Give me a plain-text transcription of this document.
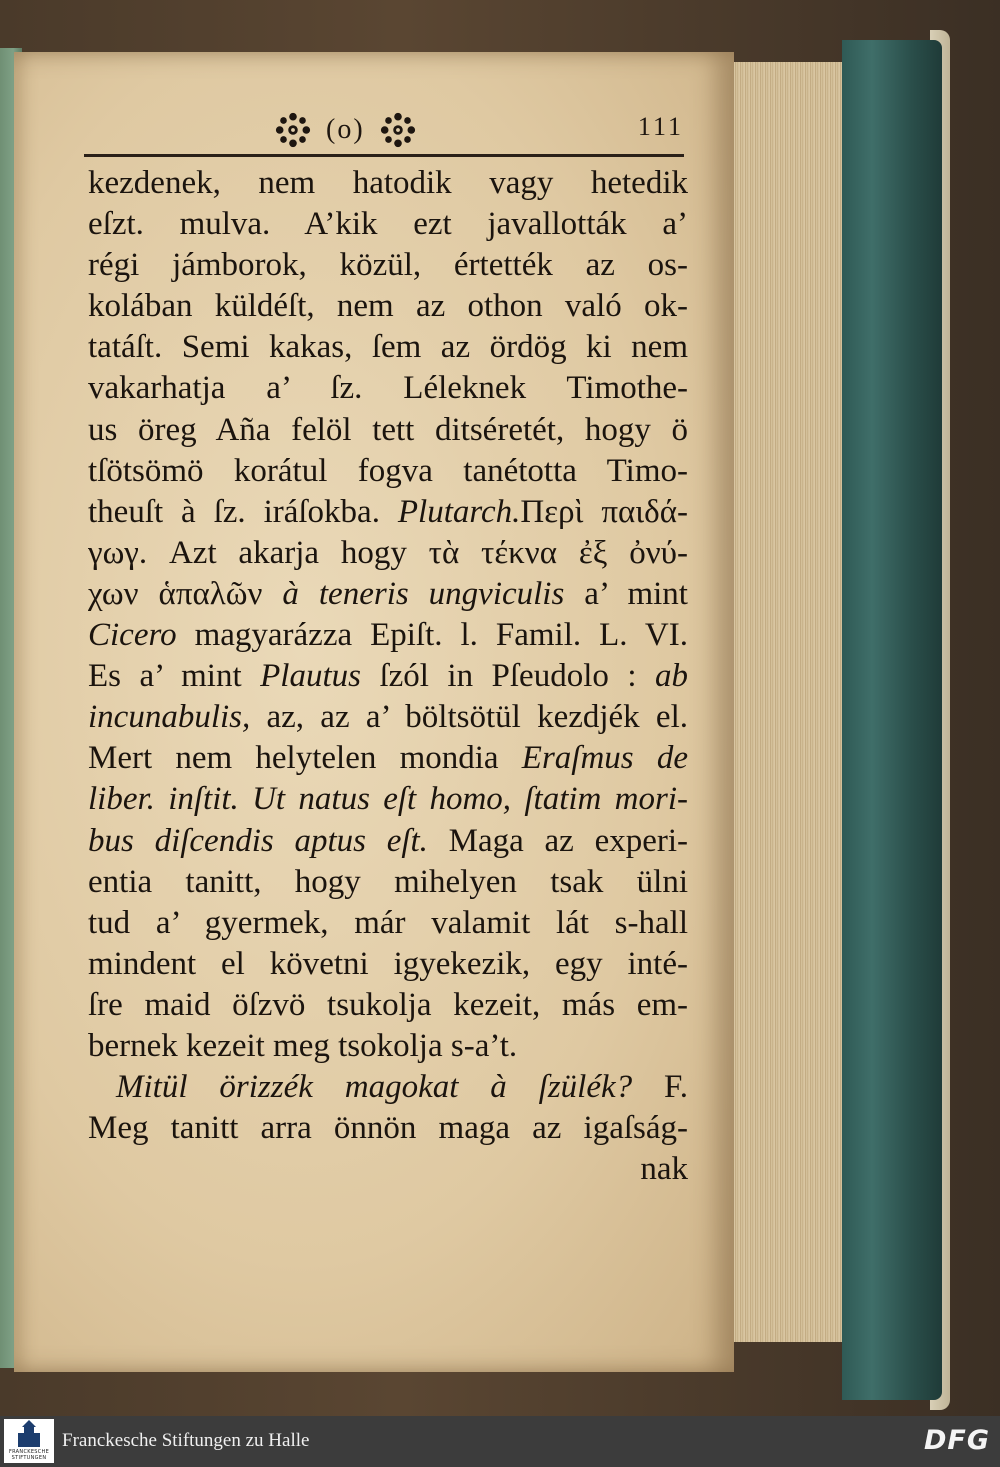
(o)	111
kezdenek, nem hatodik vagy hetedik
eſzt. mulva. A’kik ezt javallották a’
régi jámborok, közül, értették az os-
kolában küldéſt, nem az othon való ok-
tatáſt. Semi kakas, ſem az ördög ki nem
vakarhatja a’ ſz. Léleknek Timothe-
us öreg Aña felöl tett ditséretét, hogy ö
tſötsömö korátul fogva tanétotta Timo-
theuſt à ſz. iráſokba. Plutarch.Περὶ παιδά-
γωγ. Azt akarja hogy τὰ τέκνα ἐξ ὀνύ-
χων ἁπαλῶν à teneris ungviculis a’ mint
Cicero magyarázza Epiſt. l. Famil. L. VI.
Es a’ mint Plautus ſzól in Pſeudolo : ab
incunabulis, az, az a’ böltsötül kezdjék el.
Mert nem helytelen mondia Eraſmus de
liber. inſtit. Ut natus eſt homo, ſtatim mori-
bus diſcendis aptus eſt. Maga az experi-
entia tanitt, hogy mihelyen tsak ülni
tud a’ gyermek, már valamit lát s-hall
mindent el követni igyekezik, egy inté-
ſre maid öſzvö tsukolja kezeit, más em-
bernek kezeit meg tsokolja s-a’t.
Mitül örizzék magokat à ſzülék? F.
Meg tanitt arra önnön maga az igaſság-
nak
FRANCKESCHE STIFTUNGEN
Franckesche Stiftungen zu Halle	DFG
